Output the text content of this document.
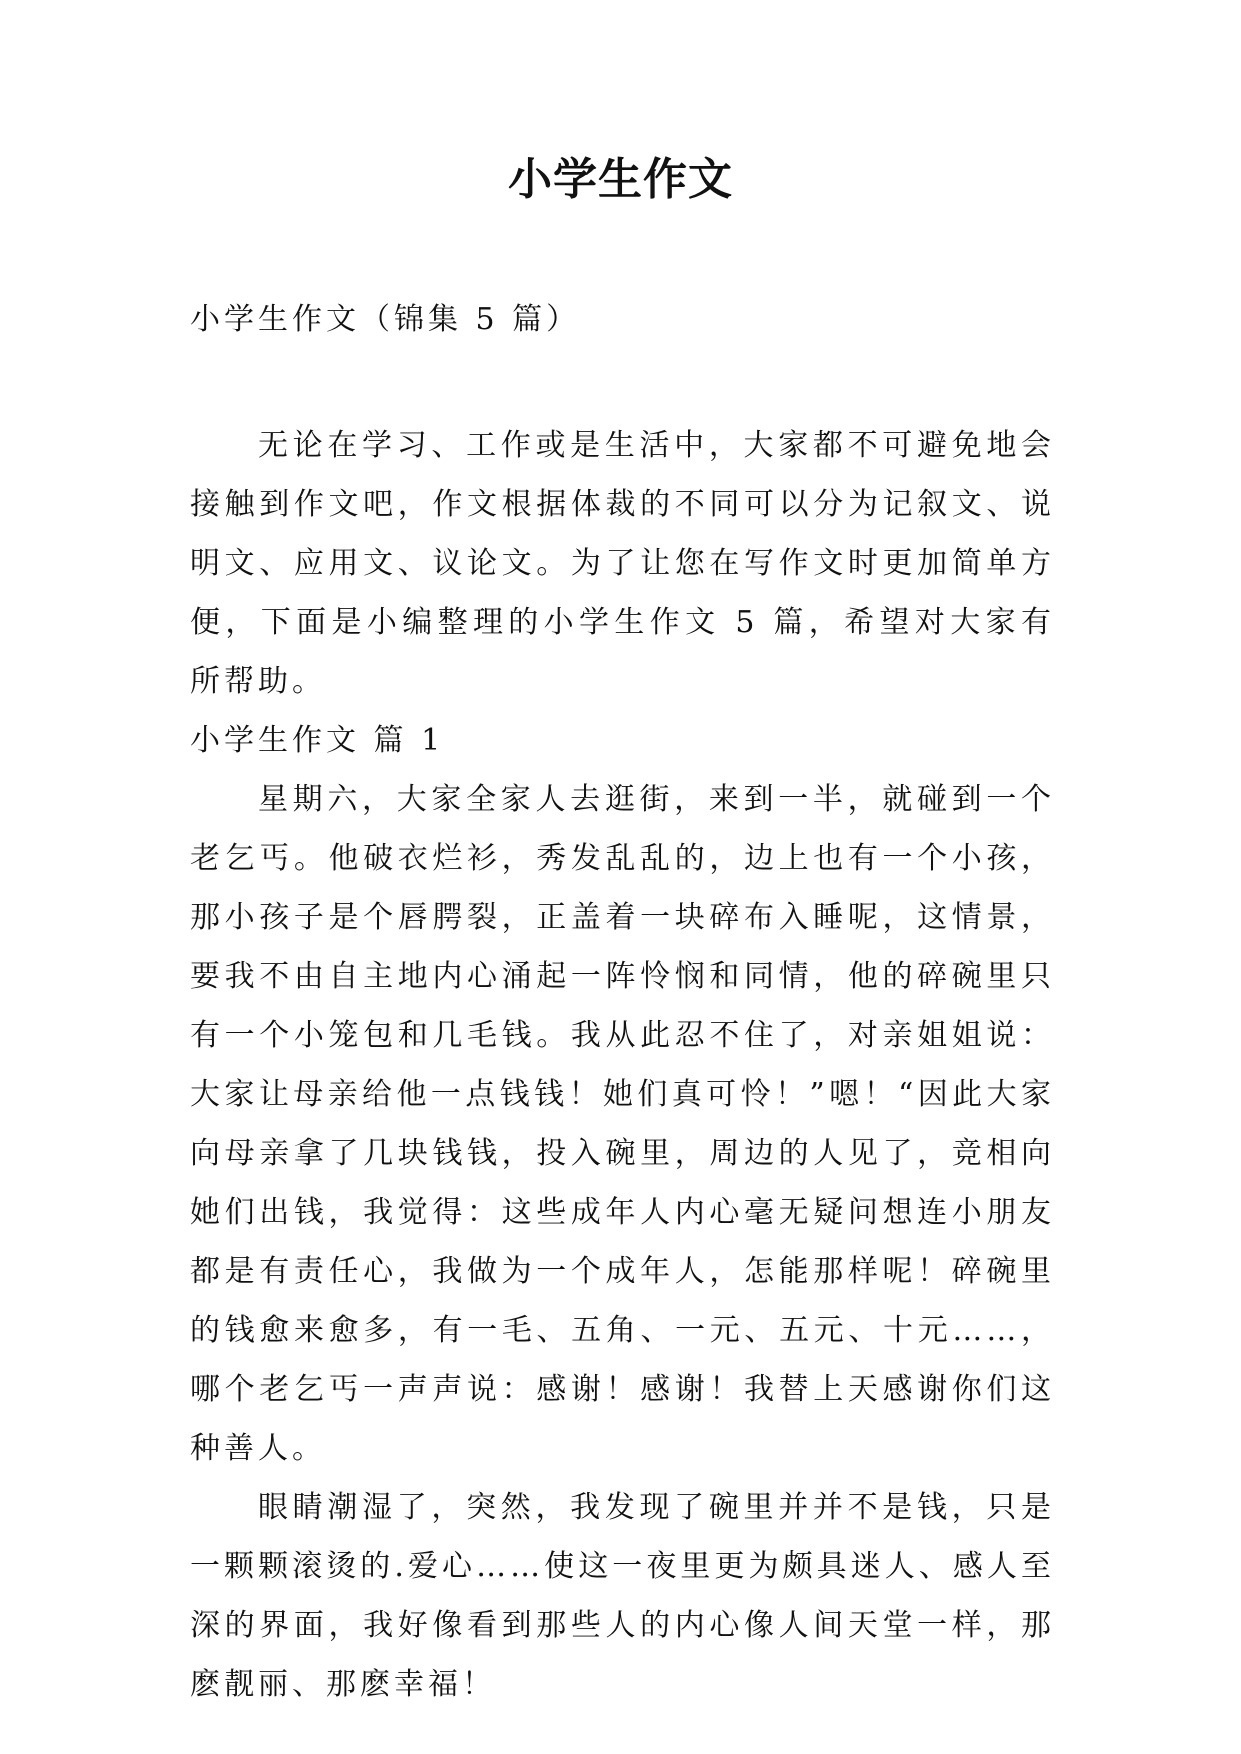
小学生作文

小学生作文（锦集 5 篇）

无论在学习、工作或是生活中，大家都不可避免地会接触到作文吧，作文根据体裁的不同可以分为记叙文、说明文、应用文、议论文。为了让您在写作文时更加简单方便，下面是小编整理的小学生作文 5 篇，希望对大家有所帮助。

小学生作文 篇 1

星期六，大家全家人去逛街，来到一半，就碰到一个老乞丐。他破衣烂衫，秀发乱乱的，边上也有一个小孩，那小孩子是个唇腭裂，正盖着一块碎布入睡呢，这情景，要我不由自主地内心涌起一阵怜悯和同情，他的碎碗里只有一个小笼包和几毛钱。我从此忍不住了，对亲姐姐说：大家让母亲给他一点钱钱！她们真可怜！”嗯！“因此大家向母亲拿了几块钱钱，投入碗里，周边的人见了，竞相向她们出钱，我觉得：这些成年人内心毫无疑问想连小朋友都是有责任心，我做为一个成年人，怎能那样呢！碎碗里的钱愈来愈多，有一毛、五角、一元、五元、十元……，哪个老乞丐一声声说：感谢！感谢！我替上天感谢你们这种善人。

眼睛潮湿了，突然，我发现了碗里并并不是钱，只是一颗颗滚烫的.爱心……使这一夜里更为颇具迷人、感人至深的界面，我好像看到那些人的内心像人间天堂一样，那麽靓丽、那麽幸福！
